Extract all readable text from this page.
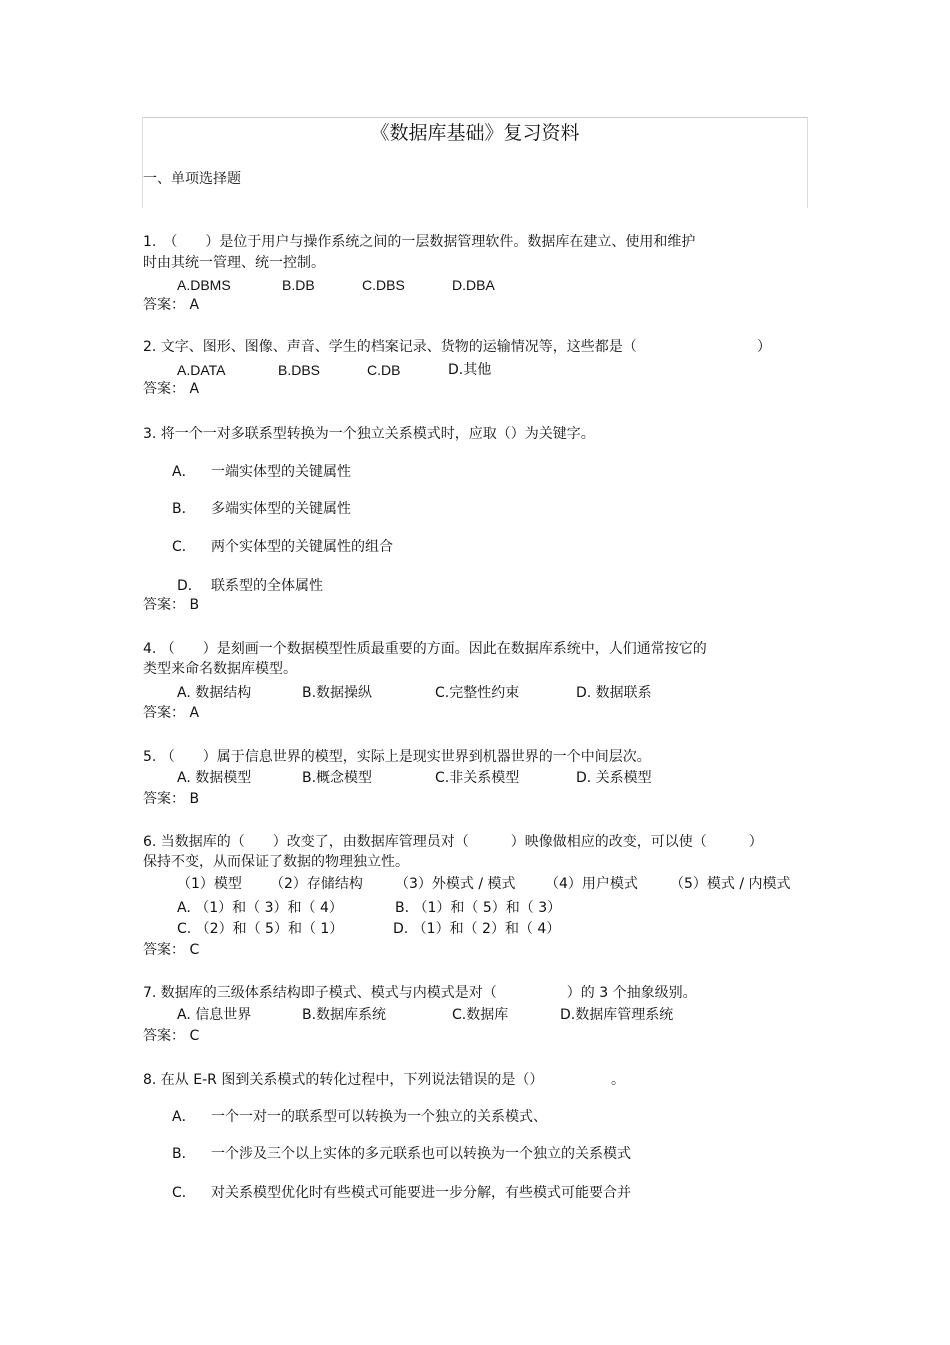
《数据库基础》复习资料
一、单项选择题
1.　（　　）是位于用户与操作系统之间的一层数据管理软件。数据库在建立、使用和维护
时由其统一管理、统一控制。
A.DBMS	B.DB	C.DBS	D.DBA
答案： A
2. 文字、图形、图像、声音、学生的档案记录、货物的运输情况等，这些都是（	）
A.DATA	B.DBS	C.DB	D.其他
答案： A
3. 将一个一对多联系型转换为一个独立关系模式时，应取（）为关键字。
A． 一端实体型的关键属性
B． 多端实体型的关键属性
C． 两个实体型的关键属性的组合
D． 联系型的全体属性
答案： B
4. （　　）是刻画一个数据模型性质最重要的方面。因此在数据库系统中，人们通常按它的
类型来命名数据库模型。
A. 数据结构	B.数据操纵	C.完整性约束	D. 数据联系
答案： A
5. （　　）属于信息世界的模型，实际上是现实世界到机器世界的一个中间层次。
A. 数据模型	B.概念模型	C.非关系模型	D. 关系模型
答案： B
6. 当数据库的（　　）改变了，由数据库管理员对（　　　）映像做相应的改变，可以使（　　　）
保持不变，从而保证了数据的物理独立性。
（1）模型 （2）存储结构 （3）外模式 / 模式 （4）用户模式 （5）模式 / 内模式
A. （1）和（ 3）和（ 4）	B. （1）和（ 5）和（ 3）
C. （2）和（ 5）和（ 1）	D. （1）和（ 2）和（ 4）
答案： C
7. 数据库的三级体系结构即子模式、模式与内模式是对（　　　　　）的 3 个抽象级别。
A. 信息世界	B.数据库系统	C.数据库	D.数据库管理系统
答案： C
8. 在从 E-R 图到关系模式的转化过程中，下列说法错误的是（）	。
A． 一个一对一的联系型可以转换为一个独立的关系模式、
B． 一个涉及三个以上实体的多元联系也可以转换为一个独立的关系模式
C． 对关系模型优化时有些模式可能要进一步分解，有些模式可能要合并
